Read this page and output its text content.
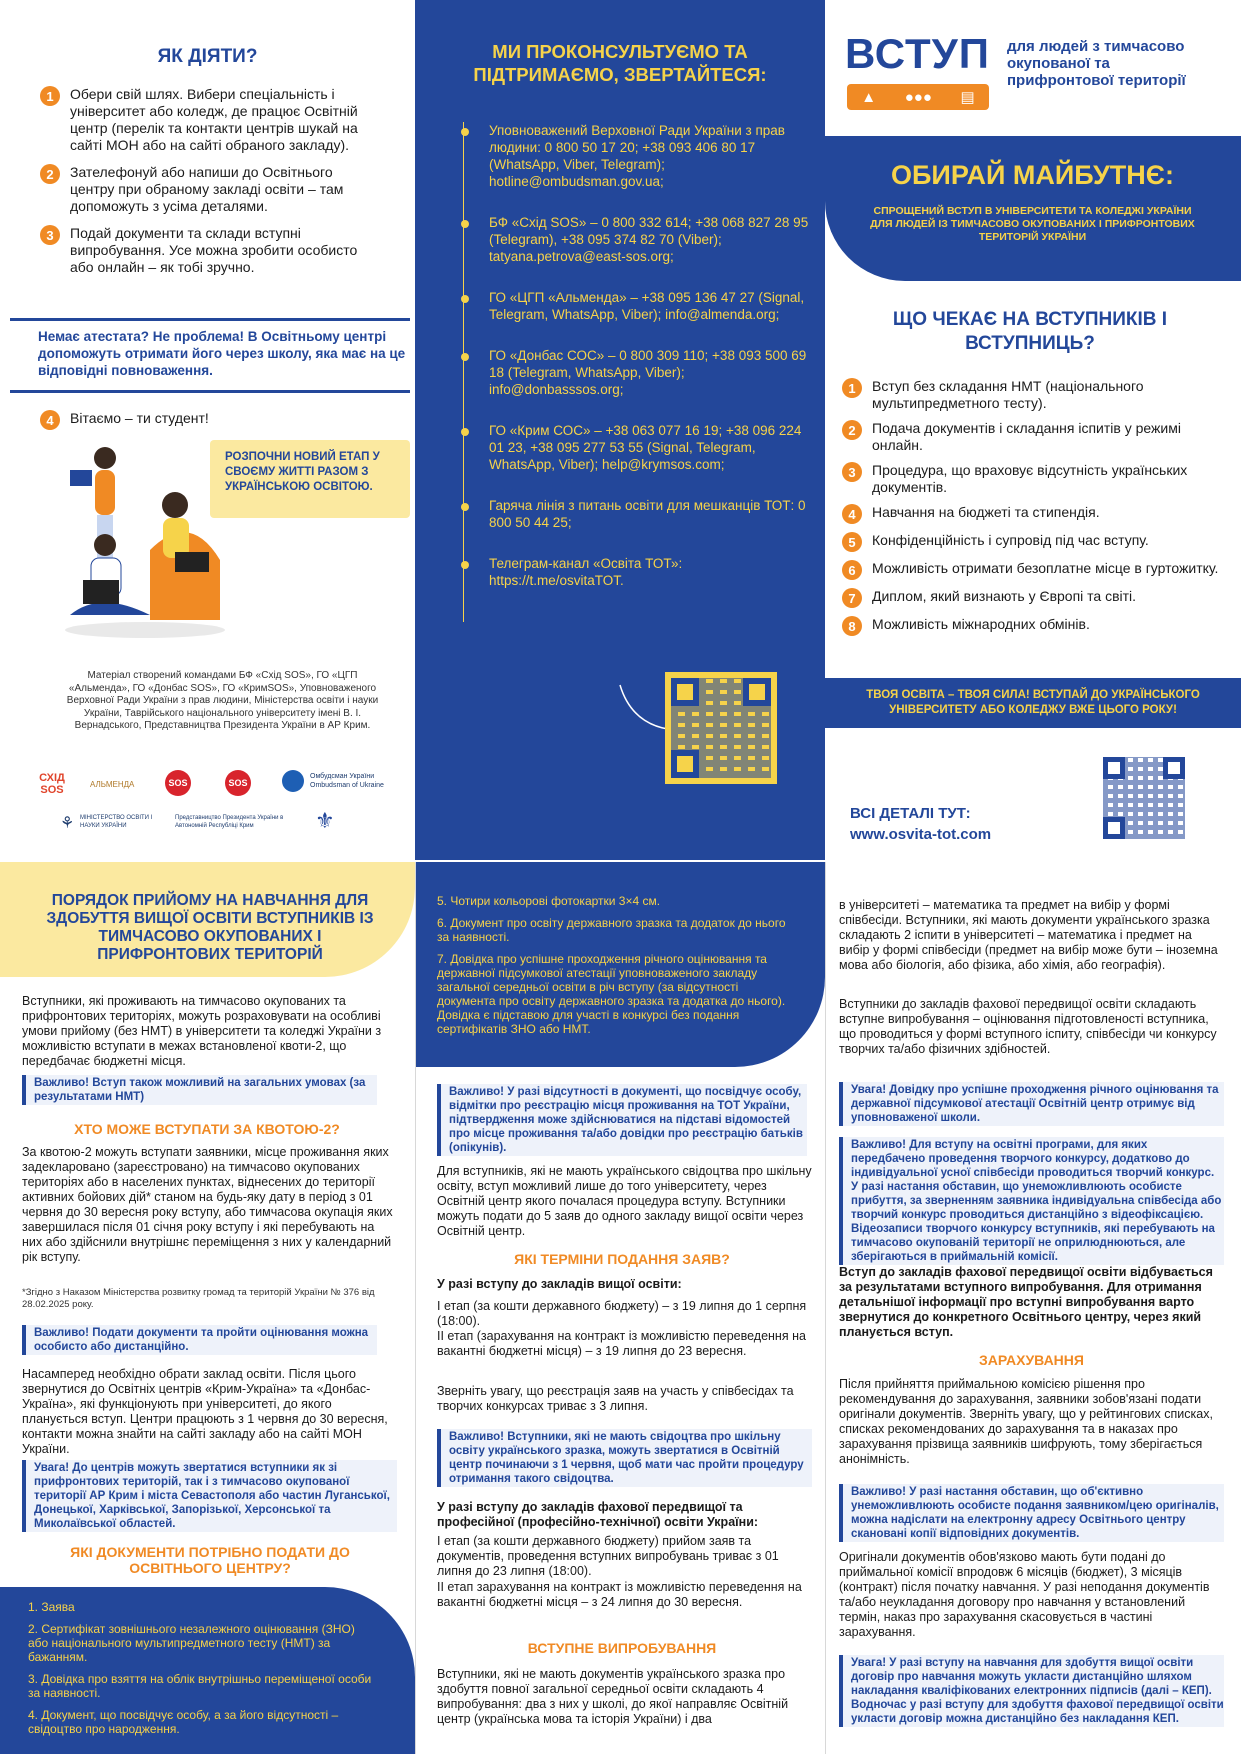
ЯК ДІЯТИ?
1	Обери свій шлях. Вибери спеціальність і університет або коледж, де працює Освітній центр (перелік та контакти центрів шукай на сайті МОН або на сайті обраного закладу).
2	Зателефонуй або напиши до Освітнього центру при обраному закладі освіти – там допоможуть з усіма деталями.
3	Подай документи та склади вступні випробування. Усе можна зробити особисто або онлайн – як тобі зручно.
Немає атестата? Не проблема! В Освітньому центрі допоможуть отримати його через школу, яка має на це відповідні повноваження.
4	Вітаємо – ти студент!
РОЗПОЧНИ НОВИЙ ЕТАП У СВОЄМУ ЖИТТІ РАЗОМ З УКРАЇНСЬКОЮ ОСВІТОЮ.
Матеріал створений командами БФ «Схід SOS», ГО «ЦГП «Альменда», ГО «Донбас SOS», ГО «КримSOS», Уповноваженого Верховної Ради України з прав людини, Міністерства освіти і науки України, Таврійського національного університету імені В. І. Вернадського, Представництва Президента України в АР Крим.
СХІД SOS	АЛЬМЕНДА	SOS	SOS
Омбудсман України Ombudsman of Ukraine
⚘ МІНІСТЕРСТВО ОСВІТИ І НАУКИ УКРАЇНИ
Представництво Президента України в Автономній Республіці Крим	⚜
МИ ПРОКОНСУЛЬТУЄМО ТА ПІДТРИМАЄМО, ЗВЕРТАЙТЕСЯ:
Уповноважений Верховної Ради України з прав людини: 0 800 50 17 20; +38 093 406 80 17 (WhatsApp, Viber, Telegram); hotline@ombudsman.gov.ua;
БФ «Схід SOS» – 0 800 332 614; +38 068 827 28 95 (Telegram), +38 095 374 82 70 (Viber); tatyana.petrova@east-sos.org;
ГО «ЦГП «Альменда» – +38 095 136 47 27 (Signal, Telegram, WhatsApp, Viber); info@almenda.org;
ГО «Донбас СОС» – 0 800 309 110; +38 093 500 69 18 (Telegram, WhatsApp, Viber); info@donbasssos.org;
ГО «Крим СОС» – +38 063 077 16 19; +38 096 224 01 23, +38 095 277 53 55 (Signal, Telegram, WhatsApp, Viber); help@krymsos.com;
Гаряча лінія з питань освіти для мешканців ТОТ: 0 800 50 44 25;
Телеграм-канал «Освіта ТОТ»: https://t.me/osvitaTOT.
ВСТУП
▲ ●●● ▤
для людей з тимчасово окупованої та прифронтової території
ОБИРАЙ МАЙБУТНЄ:
СПРОЩЕНИЙ ВСТУП В УНІВЕРСИТЕТИ ТА КОЛЕДЖІ УКРАЇНИ ДЛЯ ЛЮДЕЙ ІЗ ТИМЧАСОВО ОКУПОВАНИХ І ПРИФРОНТОВИХ ТЕРИТОРІЙ УКРАЇНИ
ЩО ЧЕКАЄ НА ВСТУПНИКІВ І ВСТУПНИЦЬ?
1	Вступ без складання НМТ (національного мультипредметного тесту).
2	Подача документів і складання іспитів у режимі онлайн.
3	Процедура, що враховує відсутність українських документів.
4	Навчання на бюджеті та стипендія.
5	Конфіденційність і супровід під час вступу.
6	Можливість отримати безоплатне місце в гуртожитку.
7	Диплом, який визнають у Європі та світі.
8	Можливість міжнародних обмінів.
ТВОЯ ОСВІТА – ТВОЯ СИЛА! ВСТУПАЙ ДО УКРАЇНСЬКОГО УНІВЕРСИТЕТУ АБО КОЛЕДЖУ ВЖЕ ЦЬОГО РОКУ!
ВСІ ДЕТАЛІ ТУТ:
www.osvita-tot.com
ПОРЯДОК ПРИЙОМУ НА НАВЧАННЯ ДЛЯ ЗДОБУТТЯ ВИЩОЇ ОСВІТИ ВСТУПНИКІВ ІЗ ТИМЧАСОВО ОКУПОВАНИХ І ПРИФРОНТОВИХ ТЕРИТОРІЙ
Вступники, які проживають на тимчасово окупованих та прифронтових територіях, можуть розраховувати на особливі умови прийому (без НМТ) в університети та коледжі України з можливістю вступати в межах встановленої квоти-2, що передбачає бюджетні місця.
Важливо! Вступ також можливий на загальних умовах (за результатами НМТ)
ХТО МОЖЕ ВСТУПАТИ ЗА КВОТОЮ-2?
За квотою-2 можуть вступати заявники, місце проживання яких задекларовано (зареєстровано) на тимчасово окупованих територіях або в населених пунктах, віднесених до території активних бойових дій* станом на будь-яку дату в період з 01 червня до 30 вересня року вступу, або тимчасова окупація яких завершилася після 01 січня року вступу і які перебувають на них або здійснили внутрішнє переміщення з них у календарний рік вступу.
*Згідно з Наказом Міністерства розвитку громад та територій України № 376 від 28.02.2025 року.
Важливо! Подати документи та пройти оцінювання можна особисто або дистанційно.
Насамперед необхідно обрати заклад освіти. Після цього звернутися до Освітніх центрів «Крим-Україна» та «Донбас-Україна», які функціонують при університеті, до якого планується вступ. Центри працюють з 1 червня до 30 вересня, контакти можна знайти на сайті закладу або на сайті МОН України.
Увага! До центрів можуть звертатися вступники як зі прифронтових територій, так і з тимчасово окупованої території АР Крим і міста Севастополя або частин Луганської, Донецької, Харківської, Запорізької, Херсонської та Миколаївської областей.
ЯКІ ДОКУМЕНТИ ПОТРІБНО ПОДАТИ ДО ОСВІТНЬОГО ЦЕНТРУ?
1. Заява
2. Сертифікат зовнішнього незалежного оцінювання (ЗНО) або національного мультипредметного тесту (НМТ) за бажанням.
3. Довідка про взяття на облік внутрішньо переміщеної особи за наявності.
4. Документ, що посвідчує особу, а за його відсутності – свідоцтво про народження.
5. Чотири кольорові фотокартки 3×4 см.
6. Документ про освіту державного зразка та додаток до нього за наявності.
7. Довідка про успішне проходження річного оцінювання та державної підсумкової атестації уповноваженого закладу загальної середньої освіти в річ вступу (за відсутності документа про освіту державного зразка та додатка до нього). Довідка є підставою для участі в конкурсі без подання сертифікатів ЗНО або НМТ.
Важливо! У разі відсутності в документі, що посвідчує особу, відмітки про реєстрацію місця проживання на ТОТ України, підтвердження може здійснюватися на підставі відомостей про місце проживання та/або довідки про реєстрацію батьків (опікунів).
Для вступників, які не мають українського свідоцтва про шкільну освіту, вступ можливий лише до того університету, через Освітній центр якого почалася процедура вступу. Вступники можуть подати до 5 заяв до одного закладу вищої освіти через Освітній центр.
ЯКІ ТЕРМІНИ ПОДАННЯ ЗАЯВ?
У разі вступу до закладів вищої освіти:
І етап (за кошти державного бюджету) – з 19 липня до 1 серпня (18:00).
ІІ етап (зарахування на контракт із можливістю переведення на вакантні бюджетні місця) – з 19 липня до 23 вересня.
Зверніть увагу, що реєстрація заяв на участь у співбесідах та творчих конкурсах триває з 3 липня.
Важливо! Вступники, які не мають свідоцтва про шкільну освіту українського зразка, можуть звертатися в Освітній центр починаючи з 1 червня, щоб мати час пройти процедуру отримання такого свідоцтва.
У разі вступу до закладів фахової передвищої та професійної (професійно-технічної) освіти України:
І етап (за кошти державного бюджету) прийом заяв та документів, проведення вступних випробувань триває з 01 липня до 23 липня (18:00).
ІІ етап зарахування на контракт із можливістю переведення на вакантні бюджетні місця – з 24 липня до 30 вересня.
ВСТУПНЕ ВИПРОБУВАННЯ
Вступники, які не мають документів українського зразка про здобуття повної загальної середньої освіти складають 4 випробування: два з них у школі, до якої направляє Освітній центр (українська мова та історія України) і два
в університеті – математика та предмет на вибір у формі співбесіди. Вступники, які мають документи українського зразка складають 2 іспити в університеті – математика і предмет на вибір у формі співбесіди (предмет на вибір може бути – іноземна мова або біологія, або фізика, або хімія, або географія).
Вступники до закладів фахової передвищої освіти складають вступне випробування – оцінювання підготовленості вступника, що проводиться у формі вступного іспиту, співбесіди чи конкурсу творчих та/або фізичних здібностей.
Увага! Довідку про успішне проходження річного оцінювання та державної підсумкової атестації Освітній центр отримує від уповноваженої школи.
Важливо! Для вступу на освітні програми, для яких передбачено проведення творчого конкурсу, додатково до індивідуальної усної співбесіди проводиться творчий конкурс. У разі настання обставин, що унеможливлюють особисте прибуття, за зверненням заявника індивідуальна співбесіда або творчий конкурс проводиться дистанційно з відеофіксацією. Відеозаписи творчого конкурсу вступників, які перебувають на тимчасово окупованій території не оприлюднюються, але зберігаються в приймальній комісії.
Вступ до закладів фахової передвищої освіти відбувається за результатами вступного випробування. Для отримання детальнішої інформації про вступні випробування варто звернутися до конкретного Освітнього центру, через який планується вступ.
ЗАРАХУВАННЯ
Після прийняття приймальною комісією рішення про рекомендування до зарахування, заявники зобов'язані подати оригінали документів. Зверніть увагу, що у рейтингових списках, списках рекомендованих до зарахування та в наказах про зарахування прізвища заявників шифрують, тому зберігається анонімність.
Важливо! У разі настання обставин, що об'єктивно унеможливлюють особисте подання заявником/цею оригіналів, можна надіслати на електронну адресу Освітнього центру скановані копії відповідних документів.
Оригінали документів обов'язково мають бути подані до приймальної комісії впродовж 6 місяців (бюджет), 3 місяців (контракт) після початку навчання. У разі неподання документів та/або неукладання договору про навчання у встановлений термін, наказ про зарахування скасовується в частині зарахування.
Увага! У разі вступу на навчання для здобуття вищої освіти договір про навчання можуть укласти дистанційно шляхом накладання кваліфікованих електронних підписів (далі – КЕП). Водночас у разі вступу для здобуття фахової передвищої освіти укласти договір можна дистанційно без накладання КЕП.
